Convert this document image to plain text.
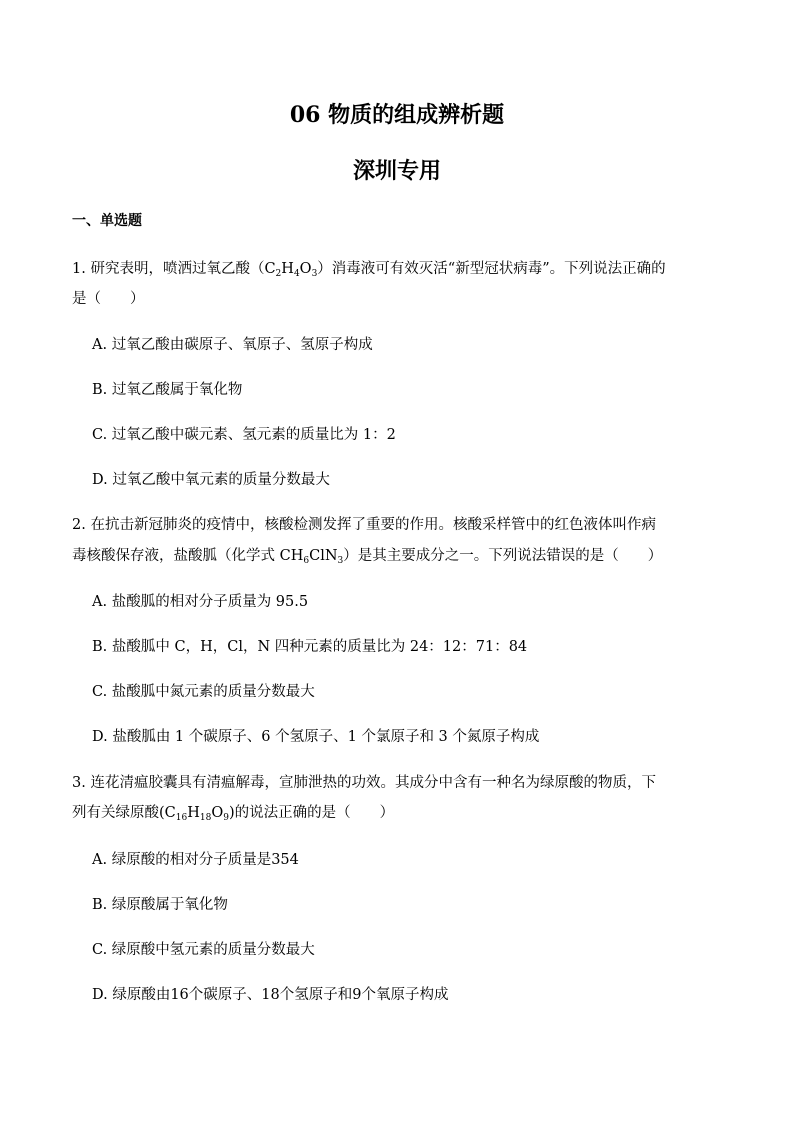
06 物质的组成辨析题
深圳专用
一、单选题
1. 研究表明，喷洒过氧乙酸$(C_2H_4O_3)$消毒液可有效灭活“新型冠状病毒”。下列说法正确的
是（　　）
A. 过氧乙酸由碳原子、氧原子、氢原子构成
B. 过氧乙酸属于氧化物
C. 过氧乙酸中碳元素、氢元素的质量比为 1：2
D. 过氧乙酸中氧元素的质量分数最大
2. 在抗击新冠肺炎的疫情中，核酸检测发挥了重要的作用。核酸采样管中的红色液体叫作病
毒核酸保存液，盐酸胍（化学式 $CH_6ClN_3$）是其主要成分之一。下列说法错误的是（　　）
A. 盐酸胍的相对分子质量为 95.5
B. 盐酸胍中 C，H，Cl，N 四种元素的质量比为 24：12：71：84
C. 盐酸胍中氮元素的质量分数最大
D. 盐酸胍由 1 个碳原子、6 个氢原子、1 个氯原子和 3 个氮原子构成
3. 连花清瘟胶囊具有清瘟解毒，宣肺泄热的功效。其成分中含有一种名为绿原酸的物质，下
列有关绿原酸$(C_{16}H_{18}O_9)$的说法正确的是（　　）
A. 绿原酸的相对分子质量是354
B. 绿原酸属于氧化物
C. 绿原酸中氢元素的质量分数最大
D. 绿原酸由16个碳原子、18个氢原子和9个氧原子构成
